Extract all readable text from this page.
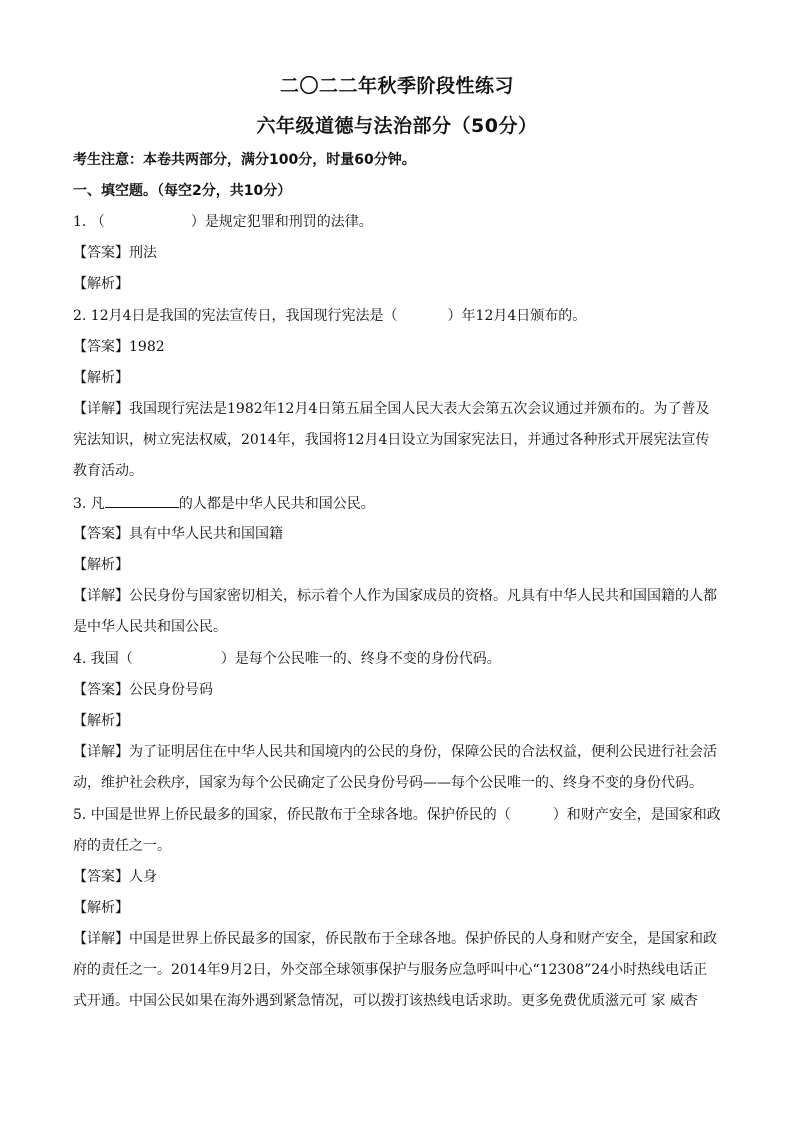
二〇二二年秋季阶段性练习
六年级道德与法治部分（50分）
考生注意：本卷共两部分，满分100分，时量60分钟。
一、填空题。（每空2分，共10分）
1. （	）是规定犯罪和刑罚的法律。
【答案】刑法
【解析】
2. 12月4日是我国的宪法宣传日，我国现行宪法是（	）年12月4日颁布的。
【答案】1982
【解析】
【详解】我国现行宪法是1982年12月4日第五届全国人民大表大会第五次会议通过并颁布的。为了普及
宪法知识，树立宪法权威，2014年，我国将12月4日设立为国家宪法日，并通过各种形式开展宪法宣传
教育活动。
3. 凡	的人都是中华人民共和国公民。
【答案】具有中华人民共和国国籍
【解析】
【详解】公民身份与国家密切相关，标示着个人作为国家成员的资格。凡具有中华人民共和国国籍的人都
是中华人民共和国公民。
4. 我国（	）是每个公民唯一的、终身不变的身份代码。
【答案】公民身份号码
【解析】
【详解】为了证明居住在中华人民共和国境内的公民的身份，保障公民的合法权益，便利公民进行社会活
动，维护社会秩序，国家为每个公民确定了公民身份号码——每个公民唯一的、终身不变的身份代码。
5. 中国是世界上侨民最多的国家，侨民散布于全球各地。保护侨民的（	）和财产安全，是国家和政
府的责任之一。
【答案】人身
【解析】
【详解】中国是世界上侨民最多的国家，侨民散布于全球各地。保护侨民的人身和财产安全，是国家和政
府的责任之一。2014年9月2日，外交部全球领事保护与服务应急呼叫中心“12308”24小时热线电话正
式开通。中国公民如果在海外遇到紧急情况，可以拨打该热线电话求助。更多免费优质滋元可 家 威杏
